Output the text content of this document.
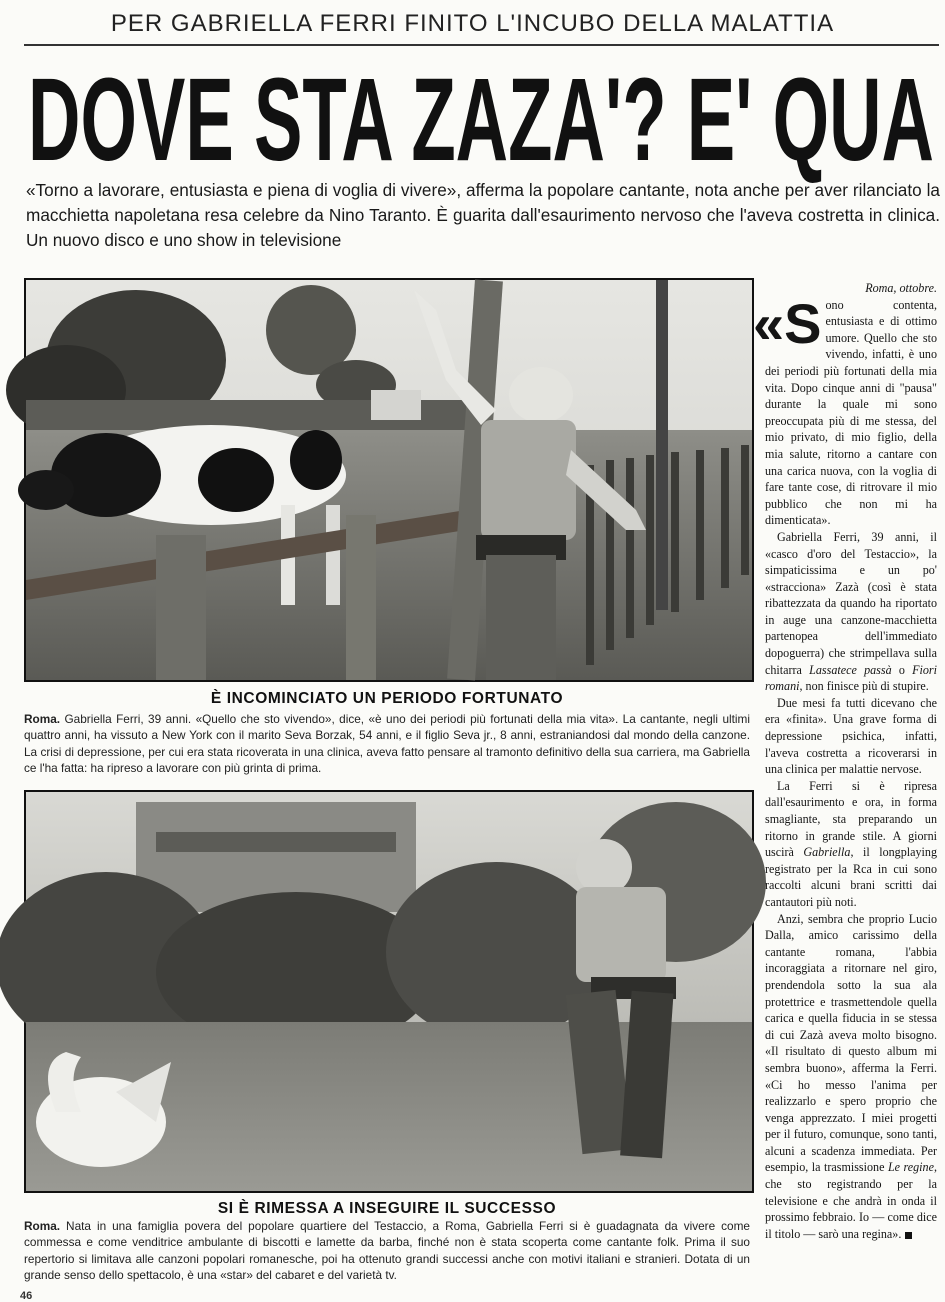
PER GABRIELLA FERRI FINITO L'INCUBO DELLA MALATTIA
DOVE STA ZAZA'? E' QUA
«Torno a lavorare, entusiasta e piena di voglia di vivere», afferma la popolare cantante, nota anche per aver rilanciato la macchietta napoletana resa celebre da Nino Taranto. È guarita dall'esaurimento nervoso che l'aveva costretta in clinica. Un nuovo disco e uno show in televisione
È INCOMINCIATO UN PERIODO FORTUNATO
Roma. Gabriella Ferri, 39 anni. «Quello che sto vivendo», dice, «è uno dei periodi più fortunati della mia vita». La cantante, negli ultimi quattro anni, ha vissuto a New York con il marito Seva Borzak, 54 anni, e il figlio Seva jr., 8 anni, estraniandosi dal mondo della canzone. La crisi di depressione, per cui era stata ricoverata in una clinica, aveva fatto pensare al tramonto definitivo della sua carriera, ma Gabriella ce l'ha fatta: ha ripreso a lavorare con più grinta di prima.
SI È RIMESSA A INSEGUIRE IL SUCCESSO
Roma. Nata in una famiglia povera del popolare quartiere del Testaccio, a Roma, Gabriella Ferri si è guadagnata da vivere come commessa e come venditrice ambulante di biscotti e lamette da barba, finché non è stata scoperta come cantante folk. Prima il suo repertorio si limitava alle canzoni popolari romanesche, poi ha ottenuto grandi successi anche con motivi italiani e stranieri. Dotata di un grande senso dello spettacolo, è una «star» del cabaret e del varietà tv.

Roma, ottobre.

«Sono contenta, entusiasta e di ottimo umore. Quello che sto vivendo, infatti, è uno dei periodi più fortunati della mia vita. Dopo cinque anni di "pausa" durante la quale mi sono preoccupata più di me stessa, del mio privato, di mio figlio, della mia salute, ritorno a cantare con una carica nuova, con la voglia di fare tante cose, di ritrovare il mio pubblico che non mi ha dimenticata».

Gabriella Ferri, 39 anni, il «casco d'oro del Testaccio», la simpaticissima e un po' «stracciona» Zazà (così è stata ribattezzata da quando ha riportato in auge una canzone-macchietta partenopea dell'immediato dopoguerra) che strimpellava sulla chitarra Lassatece passà o Fiori romani, non finisce più di stupire.

Due mesi fa tutti dicevano che era «finita». Una grave forma di depressione psichica, infatti, l'aveva costretta a ricoverarsi in una clinica per malattie nervose.

La Ferri si è ripresa dall'esaurimento e ora, in forma smagliante, sta preparando un ritorno in grande stile. A giorni uscirà Gabriella, il longplaying registrato per la Rca in cui sono raccolti alcuni brani scritti dai cantautori più noti.

Anzi, sembra che proprio Lucio Dalla, amico carissimo della cantante romana, l'abbia incoraggiata a ritornare nel giro, prendendola sotto la sua ala protettrice e trasmettendole quella carica e quella fiducia in se stessa di cui Zazà aveva molto bisogno. «Il risultato di questo album mi sembra buono», afferma la Ferri. «Ci ho messo l'anima per realizzarlo e spero proprio che venga apprezzato. I miei progetti per il futuro, comunque, sono tanti, alcuni a scadenza immediata. Per esempio, la trasmissione Le regine, che sto registrando per la televisione e che andrà in onda il prossimo febbraio. Io — come dice il titolo — sarò una regina».

46
